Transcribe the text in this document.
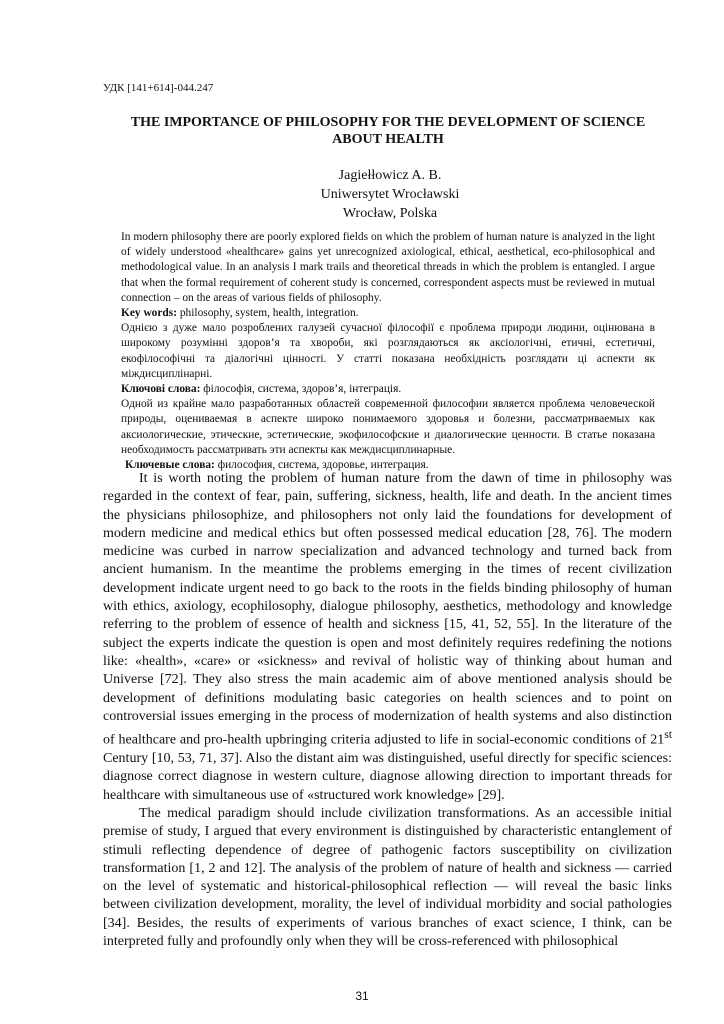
УДК [141+614]-044.247
THE IMPORTANCE OF PHILOSOPHY FOR THE DEVELOPMENT OF SCIENCE
ABOUT HEALTH
Jagiełłowicz A. B.
Uniwersytet Wrocławski
Wrocław, Polska

In modern philosophy there are poorly explored fields on which the problem of human nature is analyzed in the light of widely understood «healthcare» gains yet unrecognized axiological, ethical, aesthetical, eco-philosophical and methodological value. In an analysis I mark trails and theoretical threads in which the problem is entangled. I argue that when the formal requirement of coherent study is concerned, correspondent aspects must be reviewed in mutual connection – on the areas of various fields of philosophy.

Key words: philosophy, system, health, integration.

Однією з дуже мало розроблених галузей сучасної філософії є проблема природи людини, оцінювана в широкому розумінні здоров’я та хвороби, які розглядаються як аксіологічні, етичні, естетичні, екофілософічні та діалогічні цінності. У статті показана необхідність розглядати ці аспекти як міждисциплінарні.

Ключові слова: філософія, система, здоров’я, інтеграція.

Одной из крайне мало разработанных областей современной философии является проблема человеческой природы, оцениваемая в аспекте широко понимаемого здоровья и болезни, рассматриваемых как аксиологические, этические, эстетические, экофилософские и диалогические ценности. В статье показана необходимость рассматривать эти аспекты как междисциплинарные.

Ключевые слова: философия, система, здоровье, интеграция.

It is worth noting the problem of human nature from the dawn of time in philosophy was regarded in the context of fear, pain, suffering, sickness, health, life and death. In the ancient times the physicians philosophize, and philosophers not only laid the foundations for development of modern medicine and medical ethics but often possessed medical education [28, 76]. The modern medicine was curbed in narrow specialization and advanced technology and turned back from ancient humanism. In the meantime the problems emerging in the times of recent civilization development indicate urgent need to go back to the roots in the fields binding philosophy of human with ethics, axiology, ecophilosophy, dialogue philosophy, aesthetics, methodology and knowledge referring to the problem of essence of health and sickness [15, 41, 52, 55]. In the literature of the subject the experts indicate the question is open and most definitely requires redefining the notions like: «health», «care» or «sickness» and revival of holistic way of thinking about human and Universe [72]. They also stress the main academic aim of above mentioned analysis should be development of definitions modulating basic categories on health sciences and to point on controversial issues emerging in the process of modernization of health systems and also distinction of healthcare and pro-health upbringing criteria adjusted to life in social-economic conditions of 21st Century [10, 53, 71, 37]. Also the distant aim was distinguished, useful directly for specific sciences: diagnose correct diagnose in western culture, diagnose allowing direction to important threads for healthcare with simultaneous use of «structured work knowledge» [29].

The medical paradigm should include civilization transformations. As an accessible initial premise of study, I argued that every environment is distinguished by characteristic entanglement of stimuli reflecting dependence of degree of pathogenic factors susceptibility on civilization transformation [1, 2 and 12]. The analysis of the problem of nature of health and sickness — carried on the level of systematic and historical-philosophical reflection — will reveal the basic links between civilization development, morality, the level of individual morbidity and social pathologies [34]. Besides, the results of experiments of various branches of exact science, I think, can be interpreted fully and profoundly only when they will be cross-referenced with philosophical

31
